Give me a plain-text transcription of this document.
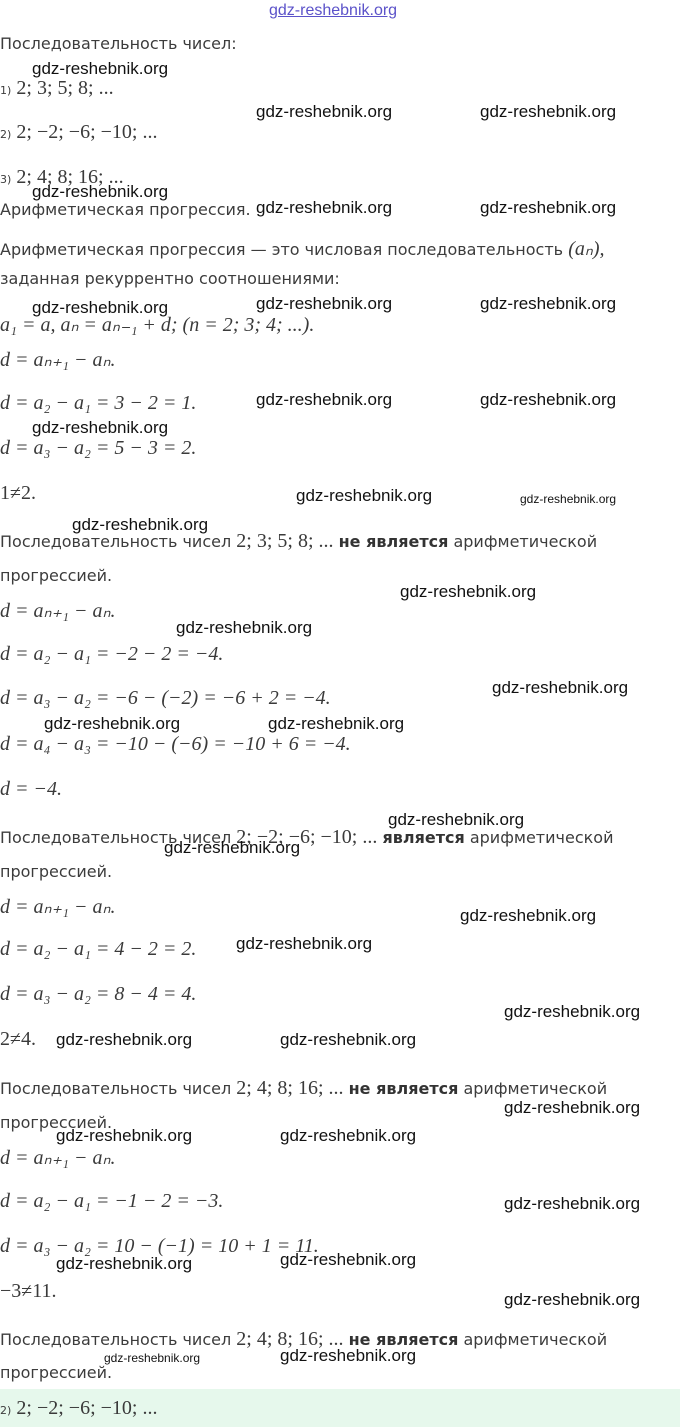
gdz-reshebnik.org
Последовательность чисел:
1) 2; 3; 5; 8; ...
2) 2; −2; −6; −10; ...
3) 2; 4; 8; 16; ...
Арифметическая прогрессия.
Арифметическая прогрессия — это числовая последовательность (aₙ),
заданная рекуррентно соотношениями:
a₁ = a, aₙ = aₙ₋₁ + d; (n = 2; 3; 4; ...).
d = aₙ₊₁ − aₙ.
d = a₂ − a₁ = 3 − 2 = 1.
d = a₃ − a₂ = 5 − 3 = 2.
1≠2.
Последовательность чисел 2; 3; 5; 8; ... не является арифметической
прогрессией.
d = aₙ₊₁ − aₙ.
d = a₂ − a₁ = −2 − 2 = −4.
d = a₃ − a₂ = −6 − (−2) = −6 + 2 = −4.
d = a₄ − a₃ = −10 − (−6) = −10 + 6 = −4.
d = −4.
Последовательность чисел 2; −2; −6; −10; ... является арифметической
прогрессией.
d = aₙ₊₁ − aₙ.
d = a₂ − a₁ = 4 − 2 = 2.
d = a₃ − a₂ = 8 − 4 = 4.
2≠4.
Последовательность чисел 2; 4; 8; 16; ... не является арифметической
прогрессией.
d = aₙ₊₁ − aₙ.
d = a₂ − a₁ = −1 − 2 = −3.
d = a₃ − a₂ = 10 − (−1) = 10 + 1 = 11.
−3≠11.
Последовательность чисел 2; 4; 8; 16; ... не является арифметической
прогрессией.
2) 2; −2; −6; −10; ...
gdz-reshebnik.org
gdz-reshebnik.org	gdz-reshebnik.org
gdz-reshebnik.org
gdz-reshebnik.org	gdz-reshebnik.org
gdz-reshebnik.org	gdz-reshebnik.org	gdz-reshebnik.org
gdz-reshebnik.org	gdz-reshebnik.org
gdz-reshebnik.org
gdz-reshebnik.org	gdz-reshebnik.org
gdz-reshebnik.org
gdz-reshebnik.org
gdz-reshebnik.org
gdz-reshebnik.org
gdz-reshebnik.org	gdz-reshebnik.org
gdz-reshebnik.org
gdz-reshebnik.org
gdz-reshebnik.org
gdz-reshebnik.org
gdz-reshebnik.org
gdz-reshebnik.org	gdz-reshebnik.org
gdz-reshebnik.org
gdz-reshebnik.org	gdz-reshebnik.org
gdz-reshebnik.org
gdz-reshebnik.org	gdz-reshebnik.org
gdz-reshebnik.org
gdz-reshebnik.org	gdz-reshebnik.org
